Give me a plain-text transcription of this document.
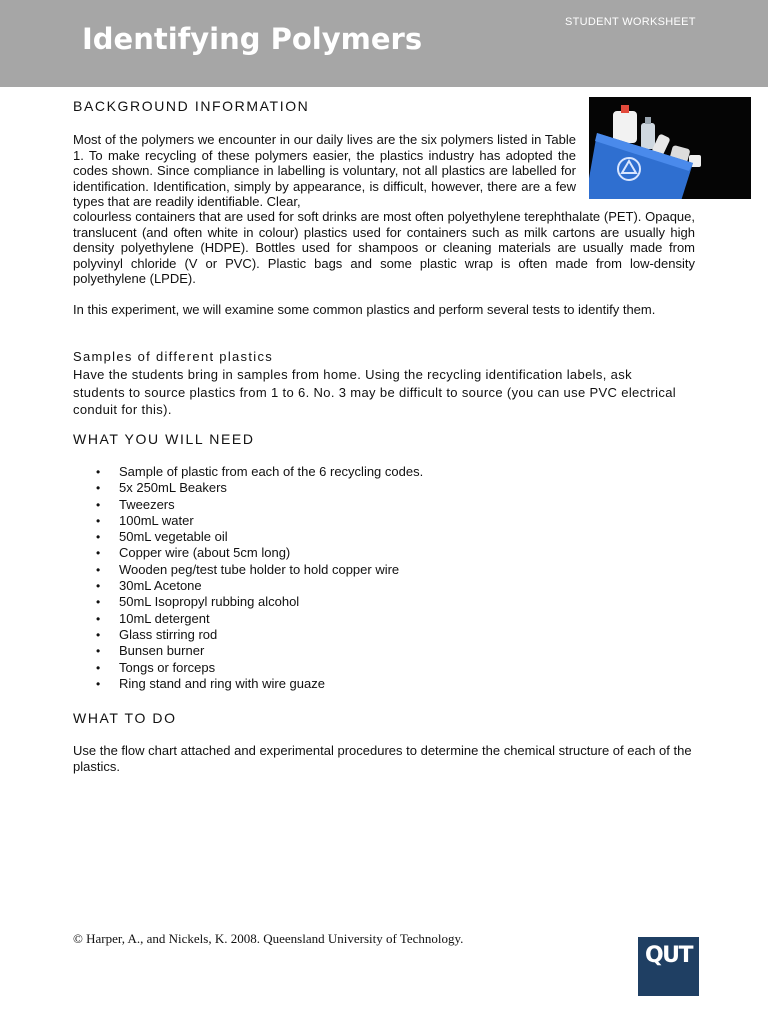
Identifying Polymers	STUDENT WORKSHEET
BACKGROUND INFORMATION
Most of the polymers we encounter in our daily lives are the six polymers listed in Table 1. To make recycling of these polymers easier, the plastics industry has adopted the codes shown. Since compliance in labelling is voluntary, not all plastics are labelled for identification. Identification, simply by appearance, is difficult, however, there are a few types that are readily identifiable. Clear,
colourless containers that are used for soft drinks are most often polyethylene terephthalate (PET). Opaque, translucent (and often white in colour) plastics used for containers such as milk cartons are usually high density polyethylene (HDPE). Bottles used for shampoos or cleaning materials are usually made from polyvinyl chloride (V or PVC). Plastic bags and some plastic wrap is often made from low-density polyethylene (LPDE).
In this experiment, we will examine some common plastics and perform several tests to identify them.
Samples of different plastics
Have the students bring in samples from home. Using the recycling identification labels, ask students to source plastics from 1 to 6. No. 3 may be difficult to source (you can use PVC electrical conduit for this).
WHAT YOU WILL NEED
• Sample of plastic from each of the 6 recycling codes.
• 5x 250mL Beakers
• Tweezers
• 100mL water
• 50mL vegetable oil
• Copper wire (about 5cm long)
• Wooden peg/test tube holder to hold copper wire
• 30mL Acetone
• 50mL Isopropyl rubbing alcohol
• 10mL detergent
• Glass stirring rod
• Bunsen burner
• Tongs or forceps
• Ring stand and ring with wire guaze
WHAT TO DO
Use the flow chart attached and experimental procedures to determine the chemical structure of each of the plastics.
© Harper, A., and Nickels, K. 2008. Queensland University of Technology.
QUT
